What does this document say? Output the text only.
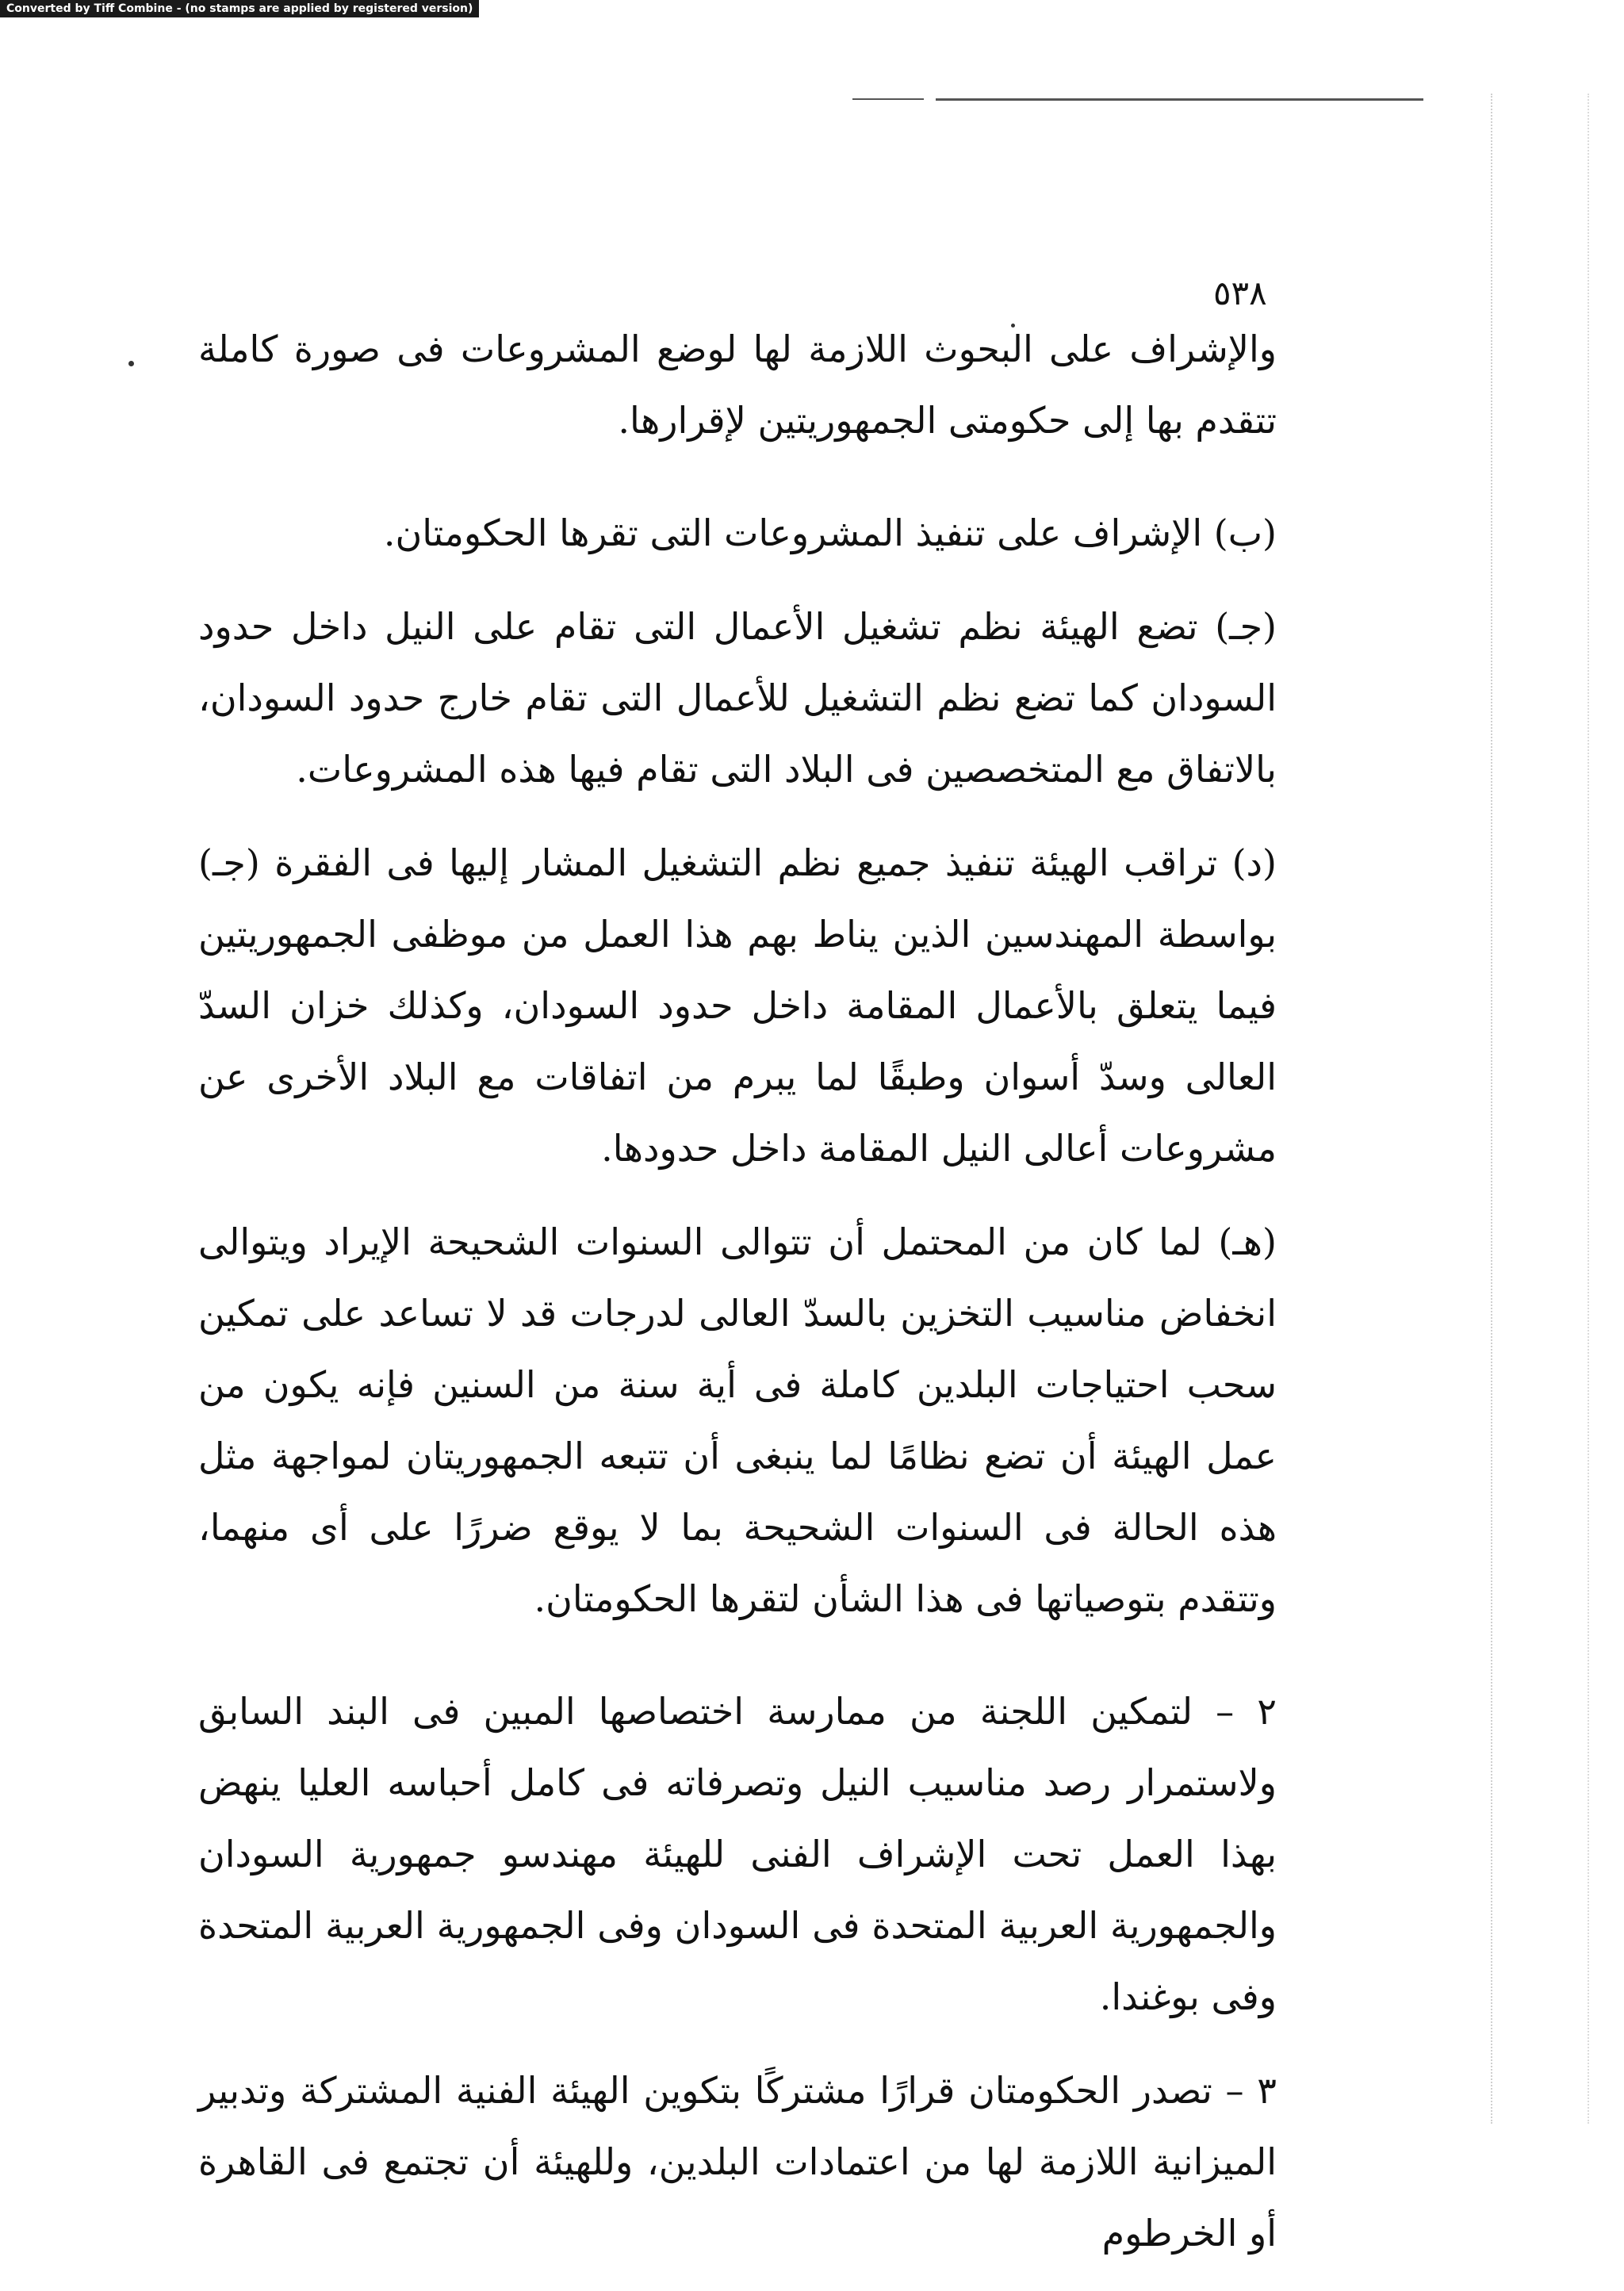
Converted by Tiff Combine - (no stamps are applied by registered version)
٥٣٨

والإشراف على البحوث اللازمة لها لوضع المشروعات فى صورة كاملة تتقدم بها إلى حكومتى الجمهوريتين لإقرارها.

(ب) الإشراف على تنفيذ المشروعات التى تقرها الحكومتان.

(جـ) تضع الهيئة نظم تشغيل الأعمال التى تقام على النيل داخل حدود السودان كما تضع نظم التشغيل للأعمال التى تقام خارج حدود السودان، بالاتفاق مع المتخصصين فى البلاد التى تقام فيها هذه المشروعات.

(د) تراقب الهيئة تنفيذ جميع نظم التشغيل المشار إليها فى الفقرة (جـ) بواسطة المهندسين الذين يناط بهم هذا العمل من موظفى الجمهوريتين فيما يتعلق بالأعمال المقامة داخل حدود السودان، وكذلك خزان السدّ العالى وسدّ أسوان وطبقًا لما يبرم من اتفاقات مع البلاد الأخرى عن مشروعات أعالى النيل المقامة داخل حدودها.

(هـ) لما كان من المحتمل أن تتوالى السنوات الشحيحة الإيراد ويتوالى انخفاض مناسيب التخزين بالسدّ العالى لدرجات قد لا تساعد على تمكين سحب احتياجات البلدين كاملة فى أية سنة من السنين فإنه يكون من عمل الهيئة أن تضع نظامًا لما ينبغى أن تتبعه الجمهوريتان لمواجهة مثل هذه الحالة فى السنوات الشحيحة بما لا يوقع ضررًا على أى منهما، وتتقدم بتوصياتها فى هذا الشأن لتقرها الحكومتان.

٢ – لتمكين اللجنة من ممارسة اختصاصها المبين فى البند السابق ولاستمرار رصد مناسيب النيل وتصرفاته فى كامل أحباسه العليا ينهض بهذا العمل تحت الإشراف الفنى للهيئة مهندسو جمهورية السودان والجمهورية العربية المتحدة فى السودان وفى الجمهورية العربية المتحدة وفى بوغندا.

٣ – تصدر الحكومتان قرارًا مشتركًا بتكوين الهيئة الفنية المشتركة وتدبير الميزانية اللازمة لها من اعتمادات البلدين، وللهيئة أن تجتمع فى القاهرة أو الخرطوم
